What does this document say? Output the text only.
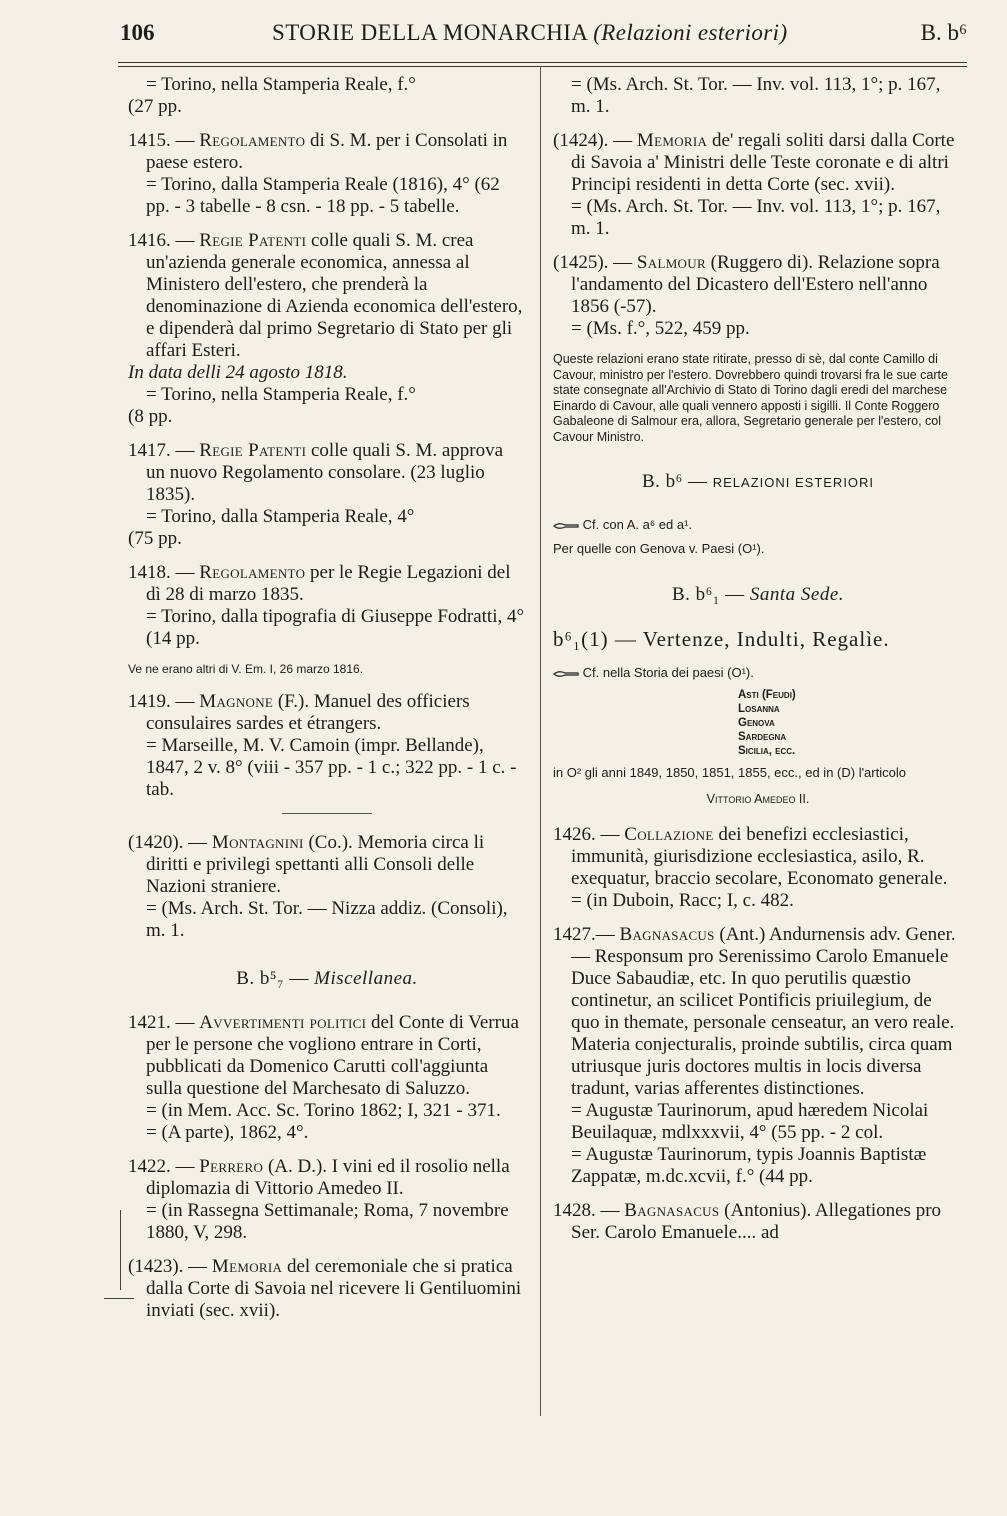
106	STORIE DELLA MONARCHIA (Relazioni esteriori)	B. b⁶

= Torino, nella Stamperia Reale, f.°

(27 pp.

1415. — Regolamento di S. M. per i Consolati in paese estero.

= Torino, dalla Stamperia Reale (1816), 4° (62 pp. - 3 tabelle - 8 csn. - 18 pp. - 5 tabelle.

1416. — Regie Patenti colle quali S. M. crea un'azienda generale economica, annessa al Ministero dell'estero, che prenderà la denominazione di Azienda economica dell'estero, e dipenderà dal primo Segretario di Stato per gli affari Esteri.

In data delli 24 agosto 1818.

= Torino, nella Stamperia Reale, f.°

(8 pp.

1417. — Regie Patenti colle quali S. M. approva un nuovo Regolamento consolare. (23 luglio 1835).

= Torino, dalla Stamperia Reale, 4°

(75 pp.

1418. — Regolamento per le Regie Legazioni del dì 28 di marzo 1835.

= Torino, dalla tipografia di Giuseppe Fodratti, 4° (14 pp.

Ve ne erano altri di V. Em. I, 26 marzo 1816.

1419. — Magnone (F.). Manuel des officiers consulaires sardes et étrangers.

= Marseille, M. V. Camoin (impr. Bellande), 1847, 2 v. 8° (viii - 357 pp. - 1 c.; 322 pp. - 1 c. - tab.

(1420). — Montagnini (Co.). Memoria circa li diritti e privilegi spettanti alli Consoli delle Nazioni straniere.

= (Ms. Arch. St. Tor. — Nizza addiz. (Consoli), m. 1.

B. b⁵₇ — Miscellanea.

1421. — Avvertimenti politici del Conte di Verrua per le persone che vogliono entrare in Corti, pubblicati da Domenico Carutti coll'aggiunta sulla questione del Marchesato di Saluzzo.

= (in Mem. Acc. Sc. Torino 1862; I, 321 - 371.

= (A parte), 1862, 4°.

1422. — Perrero (A. D.). I vini ed il rosolio nella diplomazia di Vittorio Amedeo II.

= (in Rassegna Settimanale; Roma, 7 novembre 1880, V, 298.

(1423). — Memoria del ceremoniale che si pratica dalla Corte di Savoia nel ricevere li Gentiluomini inviati (sec. xvii).

= (Ms. Arch. St. Tor. — Inv. vol. 113, 1°; p. 167, m. 1.

(1424). — Memoria de' regali soliti darsi dalla Corte di Savoia a' Ministri delle Teste coronate e di altri Principi residenti in detta Corte (sec. xvii).

= (Ms. Arch. St. Tor. — Inv. vol. 113, 1°; p. 167, m. 1.

(1425). — Salmour (Ruggero di). Relazione sopra l'andamento del Dicastero dell'Estero nell'anno 1856 (-57).

= (Ms. f.°, 522, 459 pp.

Queste relazioni erano state ritirate, presso di sè, dal conte Camillo di Cavour, ministro per l'estero. Dovrebbero quindi trovarsi fra le sue carte state consegnate all'Archivio di Stato di Torino dagli eredi del marchese Einardo di Cavour, alle quali vennero apposti i sigilli. Il Conte Roggero Gabaleone di Salmour era, allora, Segretario generale per l'estero, col Cavour Ministro.

B. b⁶ — RELAZIONI ESTERIORI

Cf. con A. a⁶ ed a¹.

Per quelle con Genova v. Paesi (O¹).

B. b⁶₁ — Santa Sede.
b⁶₁(1) — Vertenze, Indulti, Regalìe.

Cf. nella Storia dei paesi (O¹).

Asti (Feudi)
Losanna
Genova
Sardegna
Sicilia, ecc.

in O² gli anni 1849, 1850, 1851, 1855, ecc., ed in (D) l'articolo

Vittorio Amedeo II.

1426. — Collazione dei benefizi ecclesiastici, immunità, giurisdizione ecclesiastica, asilo, R. exequatur, braccio secolare, Economato generale.

= (in Duboin, Racc; I, c. 482.

1427.— Bagnasacus (Ant.) Andurnensis adv. Gener. — Responsum pro Serenissimo Carolo Emanuele Duce Sabaudiæ, etc. In quo perutilis quæstio continetur, an scilicet Pontificis priuilegium, de quo in themate, personale censeatur, an vero reale. Materia conjecturalis, proinde subtilis, circa quam utriusque juris doctores multis in locis diversa tradunt, varias afferentes distinctiones.

= Augustæ Taurinorum, apud hæredem Nicolai Beuilaquæ, mdlxxxvii, 4° (55 pp. - 2 col.

= Augustæ Taurinorum, typis Joannis Baptistæ Zappatæ, m.dc.xcvii, f.° (44 pp.

1428. — Bagnasacus (Antonius). Allegationes pro Ser. Carolo Emanuele.... ad
